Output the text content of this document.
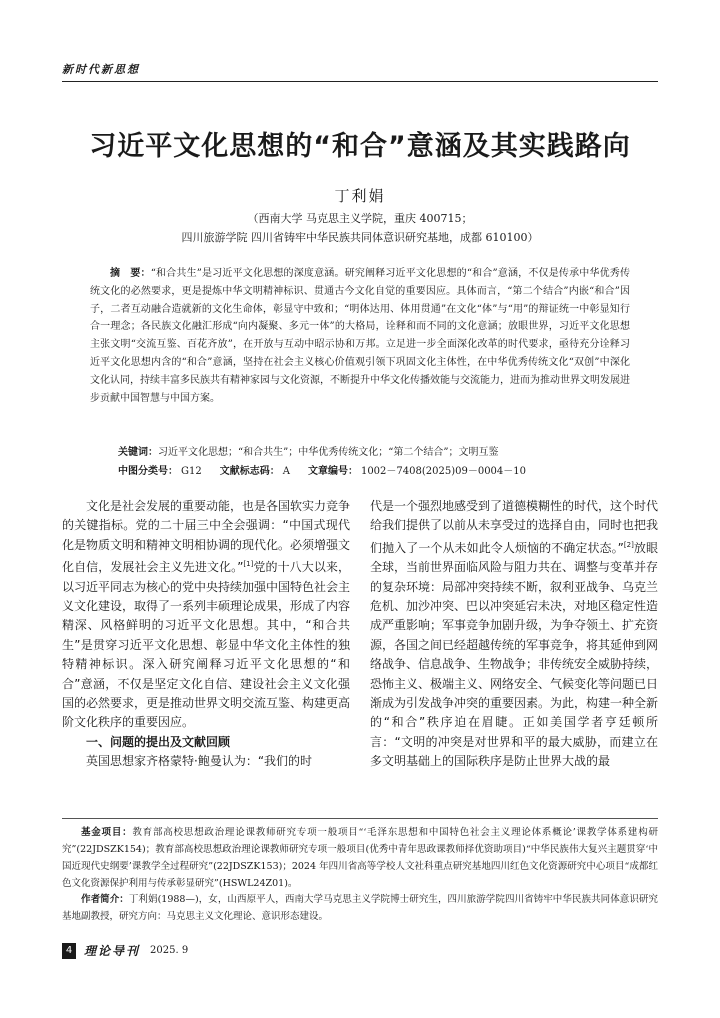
新时代新思想
习近平文化思想的“和合”意涵及其实践路向
丁利娟
（西南大学 马克思主义学院，重庆 400715；
四川旅游学院 四川省铸牢中华民族共同体意识研究基地，成都 610100）
摘　要：“和合共生”是习近平文化思想的深度意涵。研究阐释习近平文化思想的“和合”意涵，不仅是传承中华优秀传统文化的必然要求，更是提炼中华文明精神标识、贯通古今文化自觉的重要因应。具体而言，“第二个结合”内嵌“和合”因子，二者互动融合造就新的文化生命体，彰显守中致和；“明体达用、体用贯通”在文化“体”与“用”的辩证统一中彰显知行合一理念；各民族文化融汇形成“向内凝聚、多元一体”的大格局，诠释和而不同的文化意涵；放眼世界，习近平文化思想主张文明“交流互鉴、百花齐放”，在开放与互动中昭示协和万邦。立足进一步全面深化改革的时代要求，亟待充分诠释习近平文化思想内含的“和合”意涵，坚持在社会主义核心价值观引领下巩固文化主体性，在中华优秀传统文化“双创”中深化文化认同，持续丰富多民族共有精神家园与文化资源，不断提升中华文化传播效能与交流能力，进而为推动世界文明发展进步贡献中国智慧与中国方案。
关键词：习近平文化思想；“和合共生”；中华优秀传统文化；“第二个结合”；文明互鉴
中图分类号： G12 文献标志码： A 文章编号： 1002－7408(2025)09－0004－10

文化是社会发展的重要动能，也是各国软实力竞争的关键指标。党的二十届三中全会强调：“中国式现代化是物质文明和精神文明相协调的现代化。必须增强文化自信，发展社会主义先进文化。”[1]党的十八大以来，以习近平同志为核心的党中央持续加强中国特色社会主义文化建设，取得了一系列丰硕理论成果，形成了内容精深、风格鲜明的习近平文化思想。其中，“和合共生”是贯穿习近平文化思想、彰显中华文化主体性的独特精神标识。深入研究阐释习近平文化思想的“和合”意涵，不仅是坚定文化自信、建设社会主义文化强国的必然要求，更是推动世界文明交流互鉴、构建更高阶文化秩序的重要因应。

一、问题的提出及文献回顾

英国思想家齐格蒙特·鲍曼认为：“我们的时

代是一个强烈地感受到了道德模糊性的时代，这个时代给我们提供了以前从未享受过的选择自由，同时也把我们抛入了一个从未如此令人烦恼的不确定状态。”[2]放眼全球，当前世界面临风险与阻力共在、调整与变革并存的复杂环境：局部冲突持续不断，叙利亚战争、乌克兰危机、加沙冲突、巴以冲突延宕未决，对地区稳定性造成严重影响；军事竞争加剧升级，为争夺领土、扩充资源，各国之间已经超越传统的军事竞争，将其延伸到网络战争、信息战争、生物战争；非传统安全威胁持续，恐怖主义、极端主义、网络安全、气候变化等问题已日渐成为引发战争冲突的重要因素。为此，构建一种全新的“和合”秩序迫在眉睫。正如美国学者亨廷顿所言：“文明的冲突是对世界和平的最大威胁，而建立在多文明基础上的国际秩序是防止世界大战的最

基金项目：教育部高校思想政治理论课教师研究专项一般项目“‘毛泽东思想和中国特色社会主义理论体系概论’课教学体系建构研究”(22JDSZK154)；教育部高校思想政治理论课教师研究专项一般项目(优秀中青年思政课教师择优资助项目)“中华民族伟大复兴主题贯穿‘中国近现代史纲要’课教学全过程研究”(22JDSZK153)；2024 年四川省高等学校人文社科重点研究基地四川红色文化资源研究中心项目“成都红色文化资源保护利用与传承彰显研究”(HSWL24Z01)。
作者简介：丁利娟(1988—)，女，山西原平人，西南大学马克思主义学院博士研究生，四川旅游学院四川省铸牢中华民族共同体意识研究基地副教授，研究方向：马克思主义文化理论、意识形态建设。
4 理论导刊 2025. 9
